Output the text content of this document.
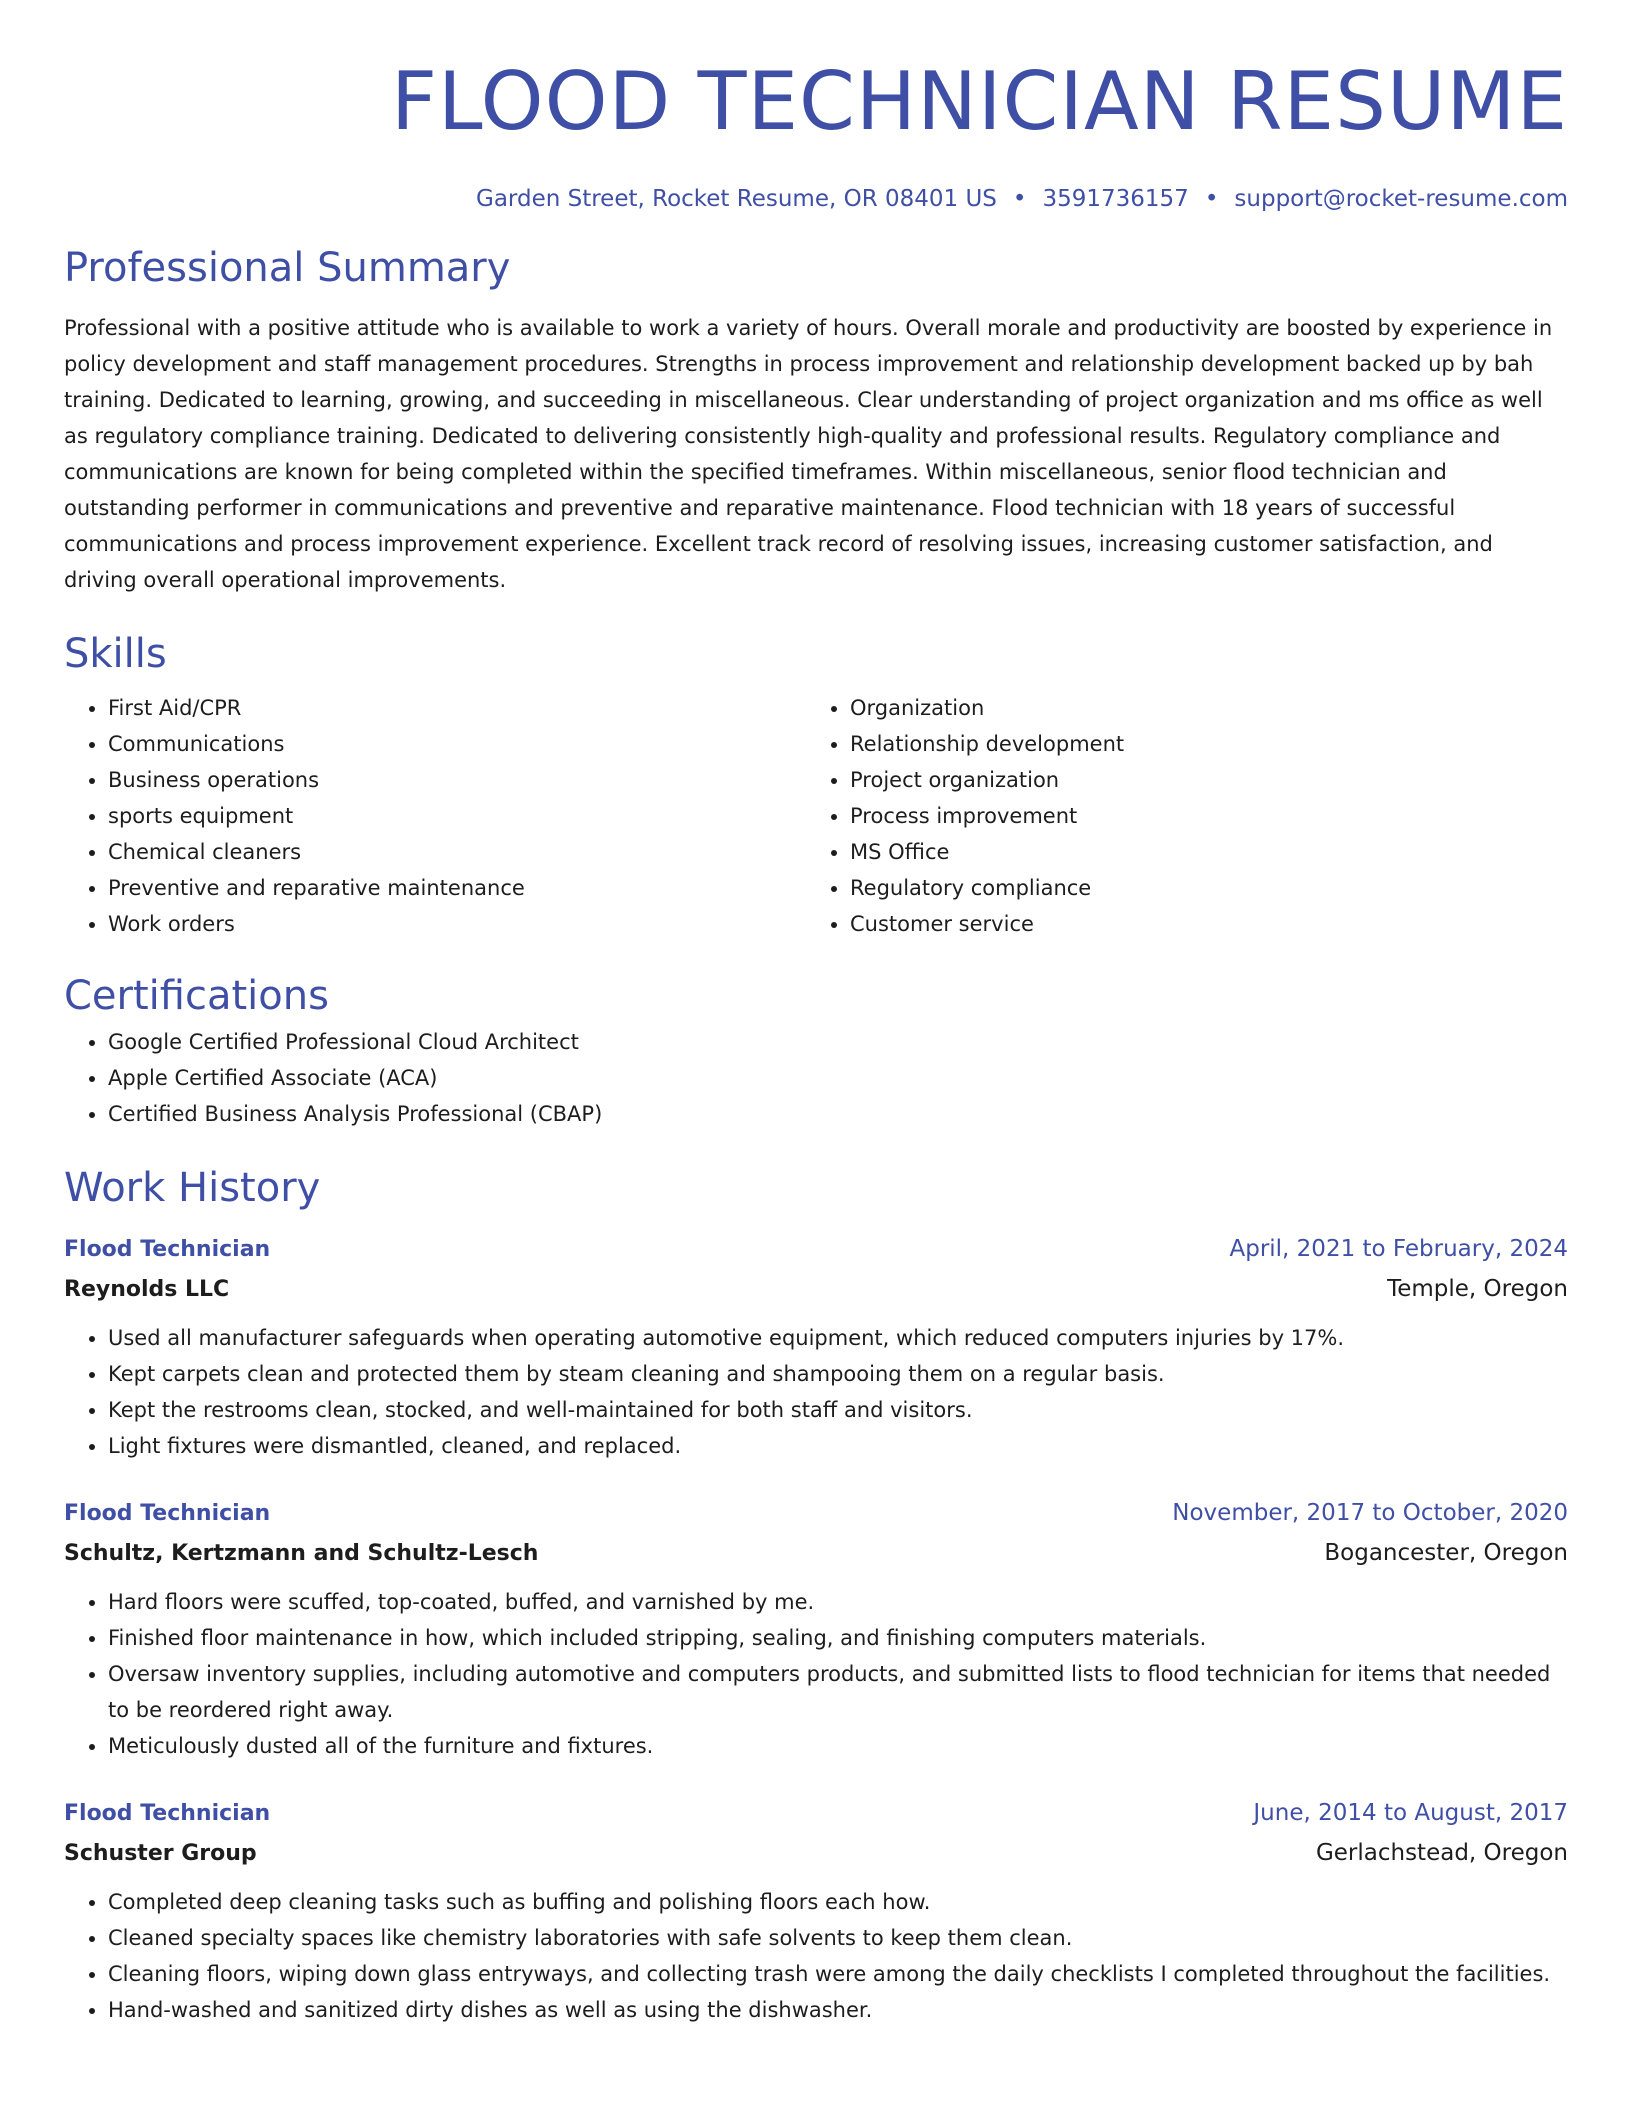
FLOOD TECHNICIAN RESUME
Garden Street, Rocket Resume, OR 08401 US • 3591736157 • support@rocket-resume.com
Professional Summary

Professional with a positive attitude who is available to work a variety of hours. Overall morale and productivity are boosted by experience in policy development and staff management procedures. Strengths in process improvement and relationship development backed up by bah training. Dedicated to learning, growing, and succeeding in miscellaneous. Clear understanding of project organization and ms office as well as regulatory compliance training. Dedicated to delivering consistently high-quality and professional results. Regulatory compliance and communications are known for being completed within the specified timeframes. Within miscellaneous, senior flood technician and outstanding performer in communications and preventive and reparative maintenance. Flood technician with 18 years of successful communications and process improvement experience. Excellent track record of resolving issues, increasing customer satisfaction, and driving overall operational improvements.

Skills
• First Aid/CPR
• Communications
• Business operations
• sports equipment
• Chemical cleaners
• Preventive and reparative maintenance
• Work orders
• Organization
• Relationship development
• Project organization
• Process improvement
• MS Office
• Regulatory compliance
• Customer service
Certifications
• Google Certified Professional Cloud Architect
• Apple Certified Associate (ACA)
• Certified Business Analysis Professional (CBAP)
Work History
Flood Technician	April, 2021 to February, 2024
Reynolds LLC	Temple, Oregon
• Used all manufacturer safeguards when operating automotive equipment, which reduced computers injuries by 17%.
• Kept carpets clean and protected them by steam cleaning and shampooing them on a regular basis.
• Kept the restrooms clean, stocked, and well-maintained for both staff and visitors.
• Light fixtures were dismantled, cleaned, and replaced.
Flood Technician	November, 2017 to October, 2020
Schultz, Kertzmann and Schultz-Lesch	Bogancester, Oregon
• Hard floors were scuffed, top-coated, buffed, and varnished by me.
• Finished floor maintenance in how, which included stripping, sealing, and finishing computers materials.
• Oversaw inventory supplies, including automotive and computers products, and submitted lists to flood technician for items that needed to be reordered right away.
• Meticulously dusted all of the furniture and fixtures.
Flood Technician	June, 2014 to August, 2017
Schuster Group	Gerlachstead, Oregon
• Completed deep cleaning tasks such as buffing and polishing floors each how.
• Cleaned specialty spaces like chemistry laboratories with safe solvents to keep them clean.
• Cleaning floors, wiping down glass entryways, and collecting trash were among the daily checklists I completed throughout the facilities.
• Hand-washed and sanitized dirty dishes as well as using the dishwasher.
